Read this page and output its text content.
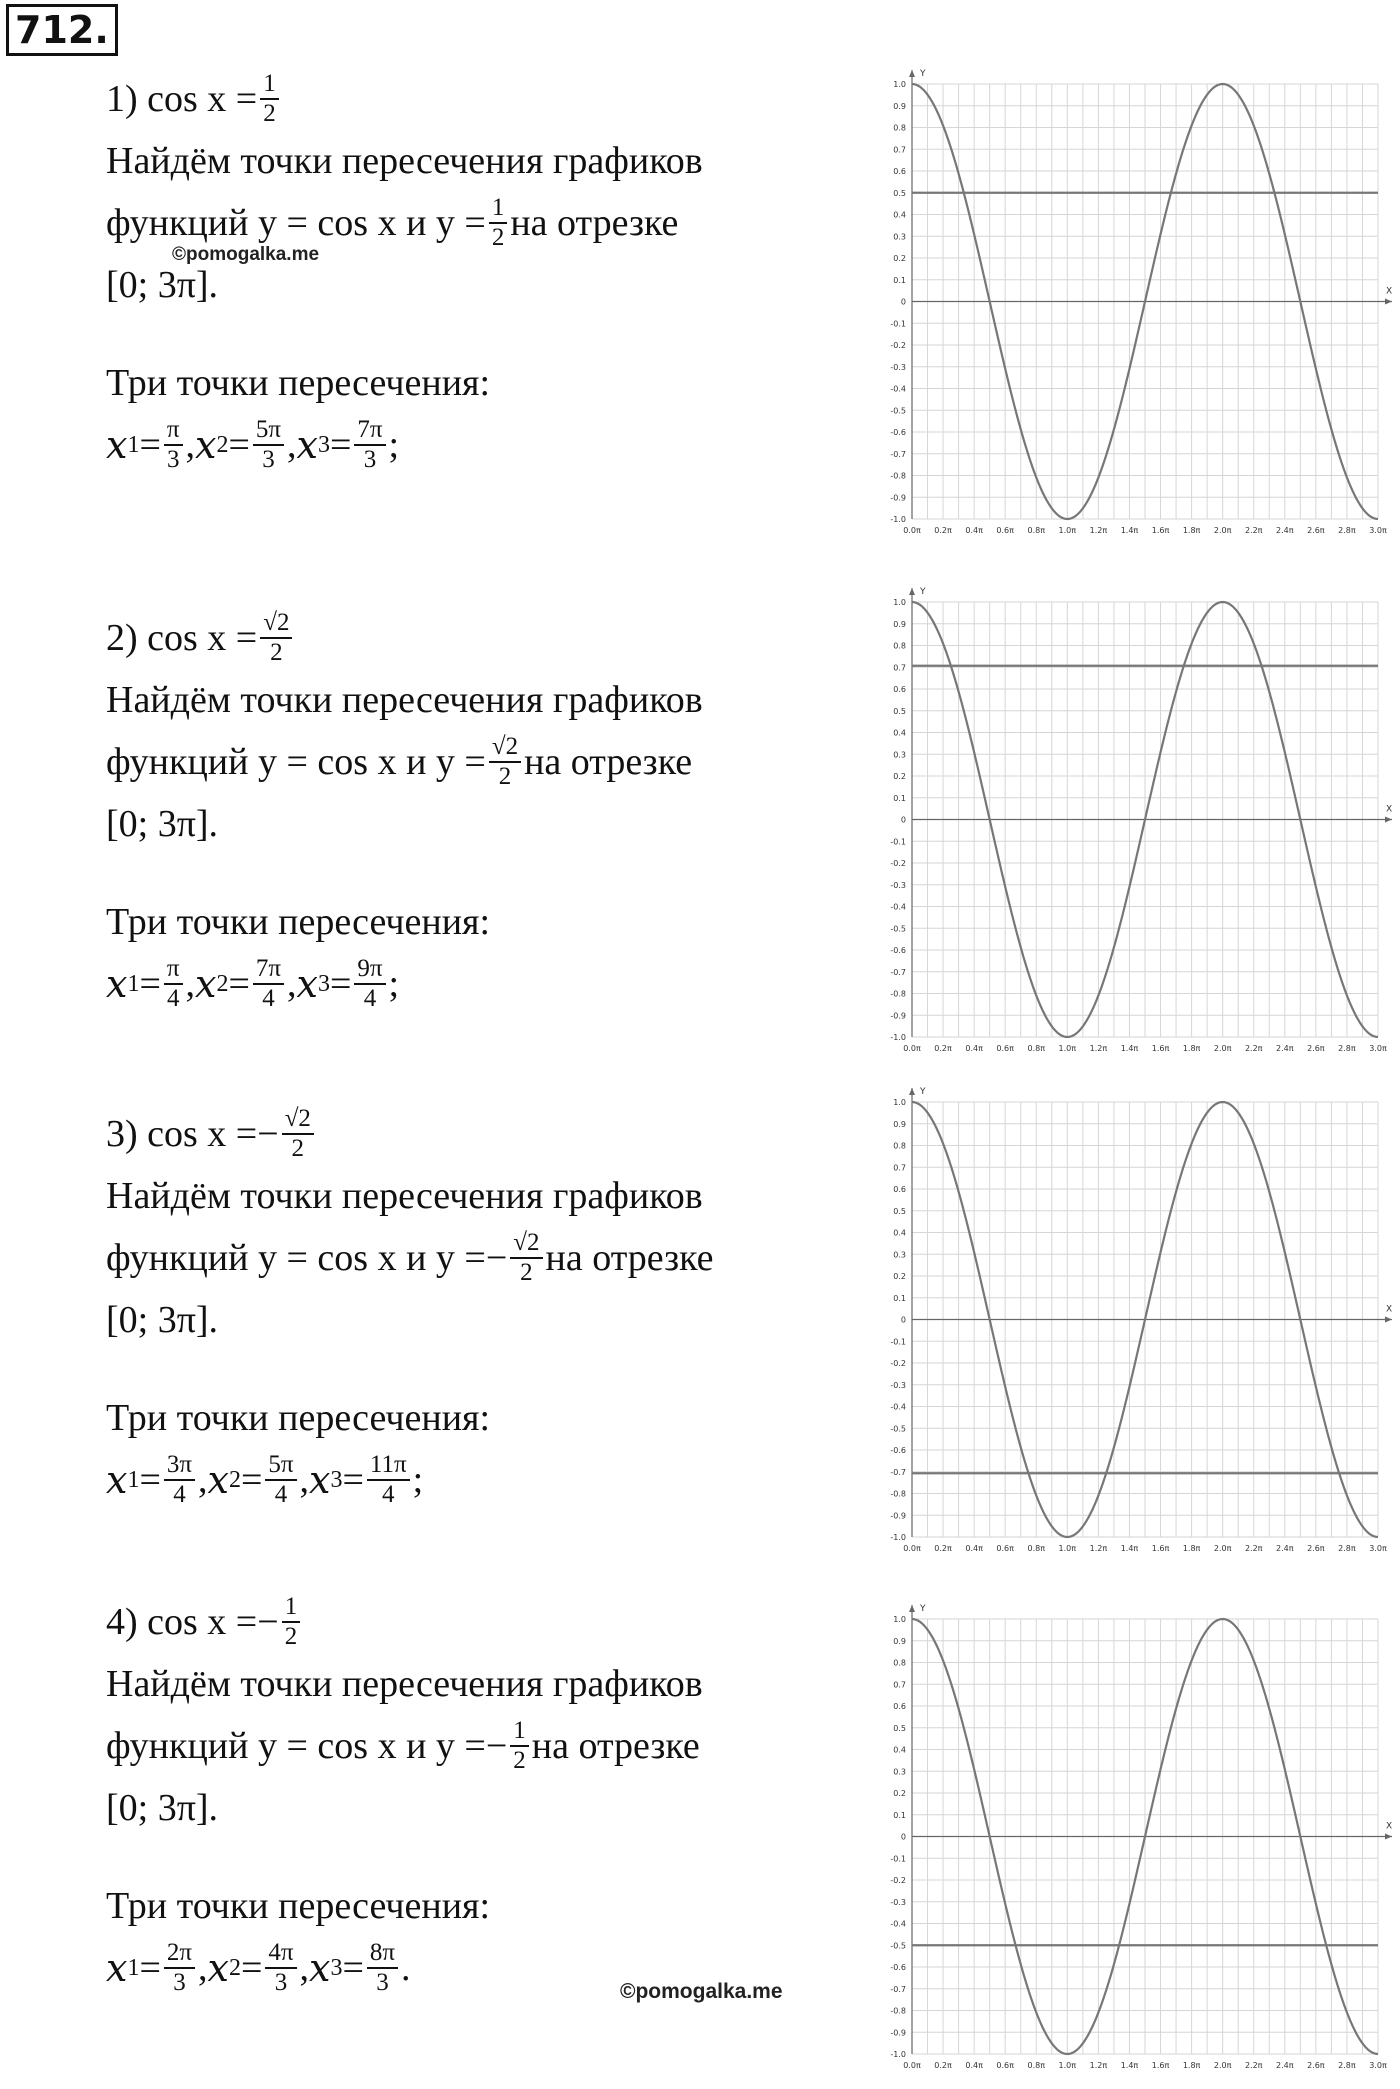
712.
©pomogalka.me
©pomogalka.me
1) $\cos x = \frac{1}{2}$
Найдём точки пересечения графиков
функций y = cos x и $y = \frac{1}{2}$ на отрезке
[0; 3π].
Три точки пересечения:
x $1 = \frac{\pi}{3}$ , x $2 = \frac{5\pi}{3}$ , x $3 = \frac{7\pi}{3}$ ;
2) $\cos x = \frac{√2}{2}$
Найдём точки пересечения графиков
функций y = cos x и $y = \frac{√2}{2}$ на отрезке
[0; 3π].
Три точки пересечения:
x $1 = \frac{\pi}{4}$ , x $2 = \frac{7\pi}{4}$ , x $3 = \frac{9\pi}{4}$ ;
3) cos x = − $\frac{√2}{2}$
Найдём точки пересечения графиков
функций y = cos x и y = − $\frac{√2}{2}$ на отрезке
[0; 3π].
Три точки пересечения:
x $1 = \frac{3\pi}{4}$ , x $2 = \frac{5\pi}{4}$ , x $3 = \frac{11\pi}{4}$ ;
4) cos x = − $\frac{1}{2}$
Найдём точки пересечения графиков
функций y = cos x и y = − $\frac{1}{2}$ на отрезке
[0; 3π].
Три точки пересечения:
x $1 = \frac{2\pi}{3}$ , x $2 = \frac{4\pi}{3}$ , x $3 = \frac{8\pi}{3}$ .
X
Y
1.0
0.9
0.8
0.7
0.6
0.5
0.4
0.3
0.2
0.1
0
-0.1
-0.2
-0.3
-0.4
-0.5
-0.6
-0.7
-0.8
-0.9
-1.0
0.0π 0.2π 0.4π 0.6π 0.8π 1.0π 1.2π 1.4π 1.6π 1.8π 2.0π 2.2π 2.4π 2.6π 2.8π 3.0π
X
Y
1.0
0.9
0.8
0.7
0.6
0.5
0.4
0.3
0.2
0.1
0
-0.1
-0.2
-0.3
-0.4
-0.5
-0.6
-0.7
-0.8
-0.9
-1.0
0.0π 0.2π 0.4π 0.6π 0.8π 1.0π 1.2π 1.4π 1.6π 1.8π 2.0π 2.2π 2.4π 2.6π 2.8π 3.0π
X
Y
1.0
0.9
0.8
0.7
0.6
0.5
0.4
0.3
0.2
0.1
0
-0.1
-0.2
-0.3
-0.4
-0.5
-0.6
-0.7
-0.8
-0.9
-1.0
0.0π 0.2π 0.4π 0.6π 0.8π 1.0π 1.2π 1.4π 1.6π 1.8π 2.0π 2.2π 2.4π 2.6π 2.8π 3.0π
X
Y
1.0
0.9
0.8
0.7
0.6
0.5
0.4
0.3
0.2
0.1
0
-0.1
-0.2
-0.3
-0.4
-0.5
-0.6
-0.7
-0.8
-0.9
-1.0
0.0π 0.2π 0.4π 0.6π 0.8π 1.0π 1.2π 1.4π 1.6π 1.8π 2.0π 2.2π 2.4π 2.6π 2.8π 3.0π
